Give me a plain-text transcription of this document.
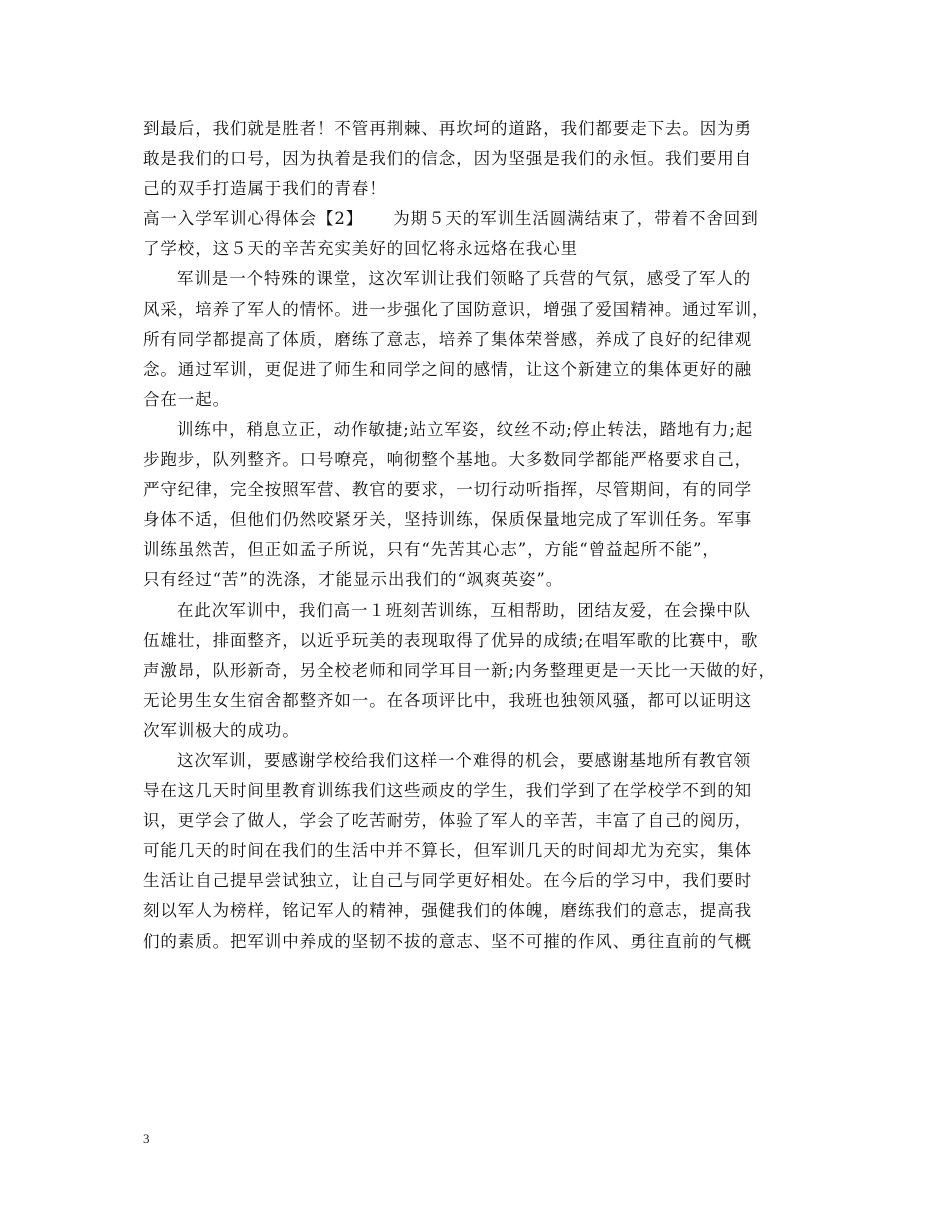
到最后，我们就是胜者！不管再荆棘、再坎坷的道路，我们都要走下去。因为勇
敢是我们的口号，因为执着是我们的信念，因为坚强是我们的永恒。我们要用自
己的双手打造属于我们的青春！
高一入学军训心得体会【2】 为期５天的军训生活圆满结束了，带着不舍回到
了学校，这５天的辛苦充实美好的回忆将永远烙在我心里
军训是一个特殊的课堂，这次军训让我们领略了兵营的气氛，感受了军人的
风采，培养了军人的情怀。进一步强化了国防意识，增强了爱国精神。通过军训，
所有同学都提高了体质，磨练了意志，培养了集体荣誉感，养成了良好的纪律观
念。通过军训，更促进了师生和同学之间的感情，让这个新建立的集体更好的融
合在一起。
训练中，稍息立正，动作敏捷;站立军姿，纹丝不动;停止转法，踏地有力;起
步跑步，队列整齐。口号嘹亮，响彻整个基地。大多数同学都能严格要求自己，
严守纪律，完全按照军营、教官的要求，一切行动听指挥，尽管期间，有的同学
身体不适，但他们仍然咬紧牙关，坚持训练，保质保量地完成了军训任务。军事
训练虽然苦，但正如孟子所说，只有“先苦其心志”，方能“曾益起所不能”，
只有经过“苦”的洗涤，才能显示出我们的“飒爽英姿”。
在此次军训中，我们高一１班刻苦训练，互相帮助，团结友爱，在会操中队
伍雄壮，排面整齐，以近乎玩美的表现取得了优异的成绩;在唱军歌的比赛中，歌
声激昂，队形新奇，另全校老师和同学耳目一新;内务整理更是一天比一天做的好，
无论男生女生宿舍都整齐如一。在各项评比中，我班也独领风骚，都可以证明这
次军训极大的成功。
这次军训，要感谢学校给我们这样一个难得的机会，要感谢基地所有教官领
导在这几天时间里教育训练我们这些顽皮的学生，我们学到了在学校学不到的知
识，更学会了做人，学会了吃苦耐劳，体验了军人的辛苦，丰富了自己的阅历，
可能几天的时间在我们的生活中并不算长，但军训几天的时间却尤为充实，集体
生活让自己提早尝试独立，让自己与同学更好相处。在今后的学习中，我们要时
刻以军人为榜样，铭记军人的精神，强健我们的体魄，磨练我们的意志，提高我
们的素质。把军训中养成的坚韧不拔的意志、坚不可摧的作风、勇往直前的气概
3
